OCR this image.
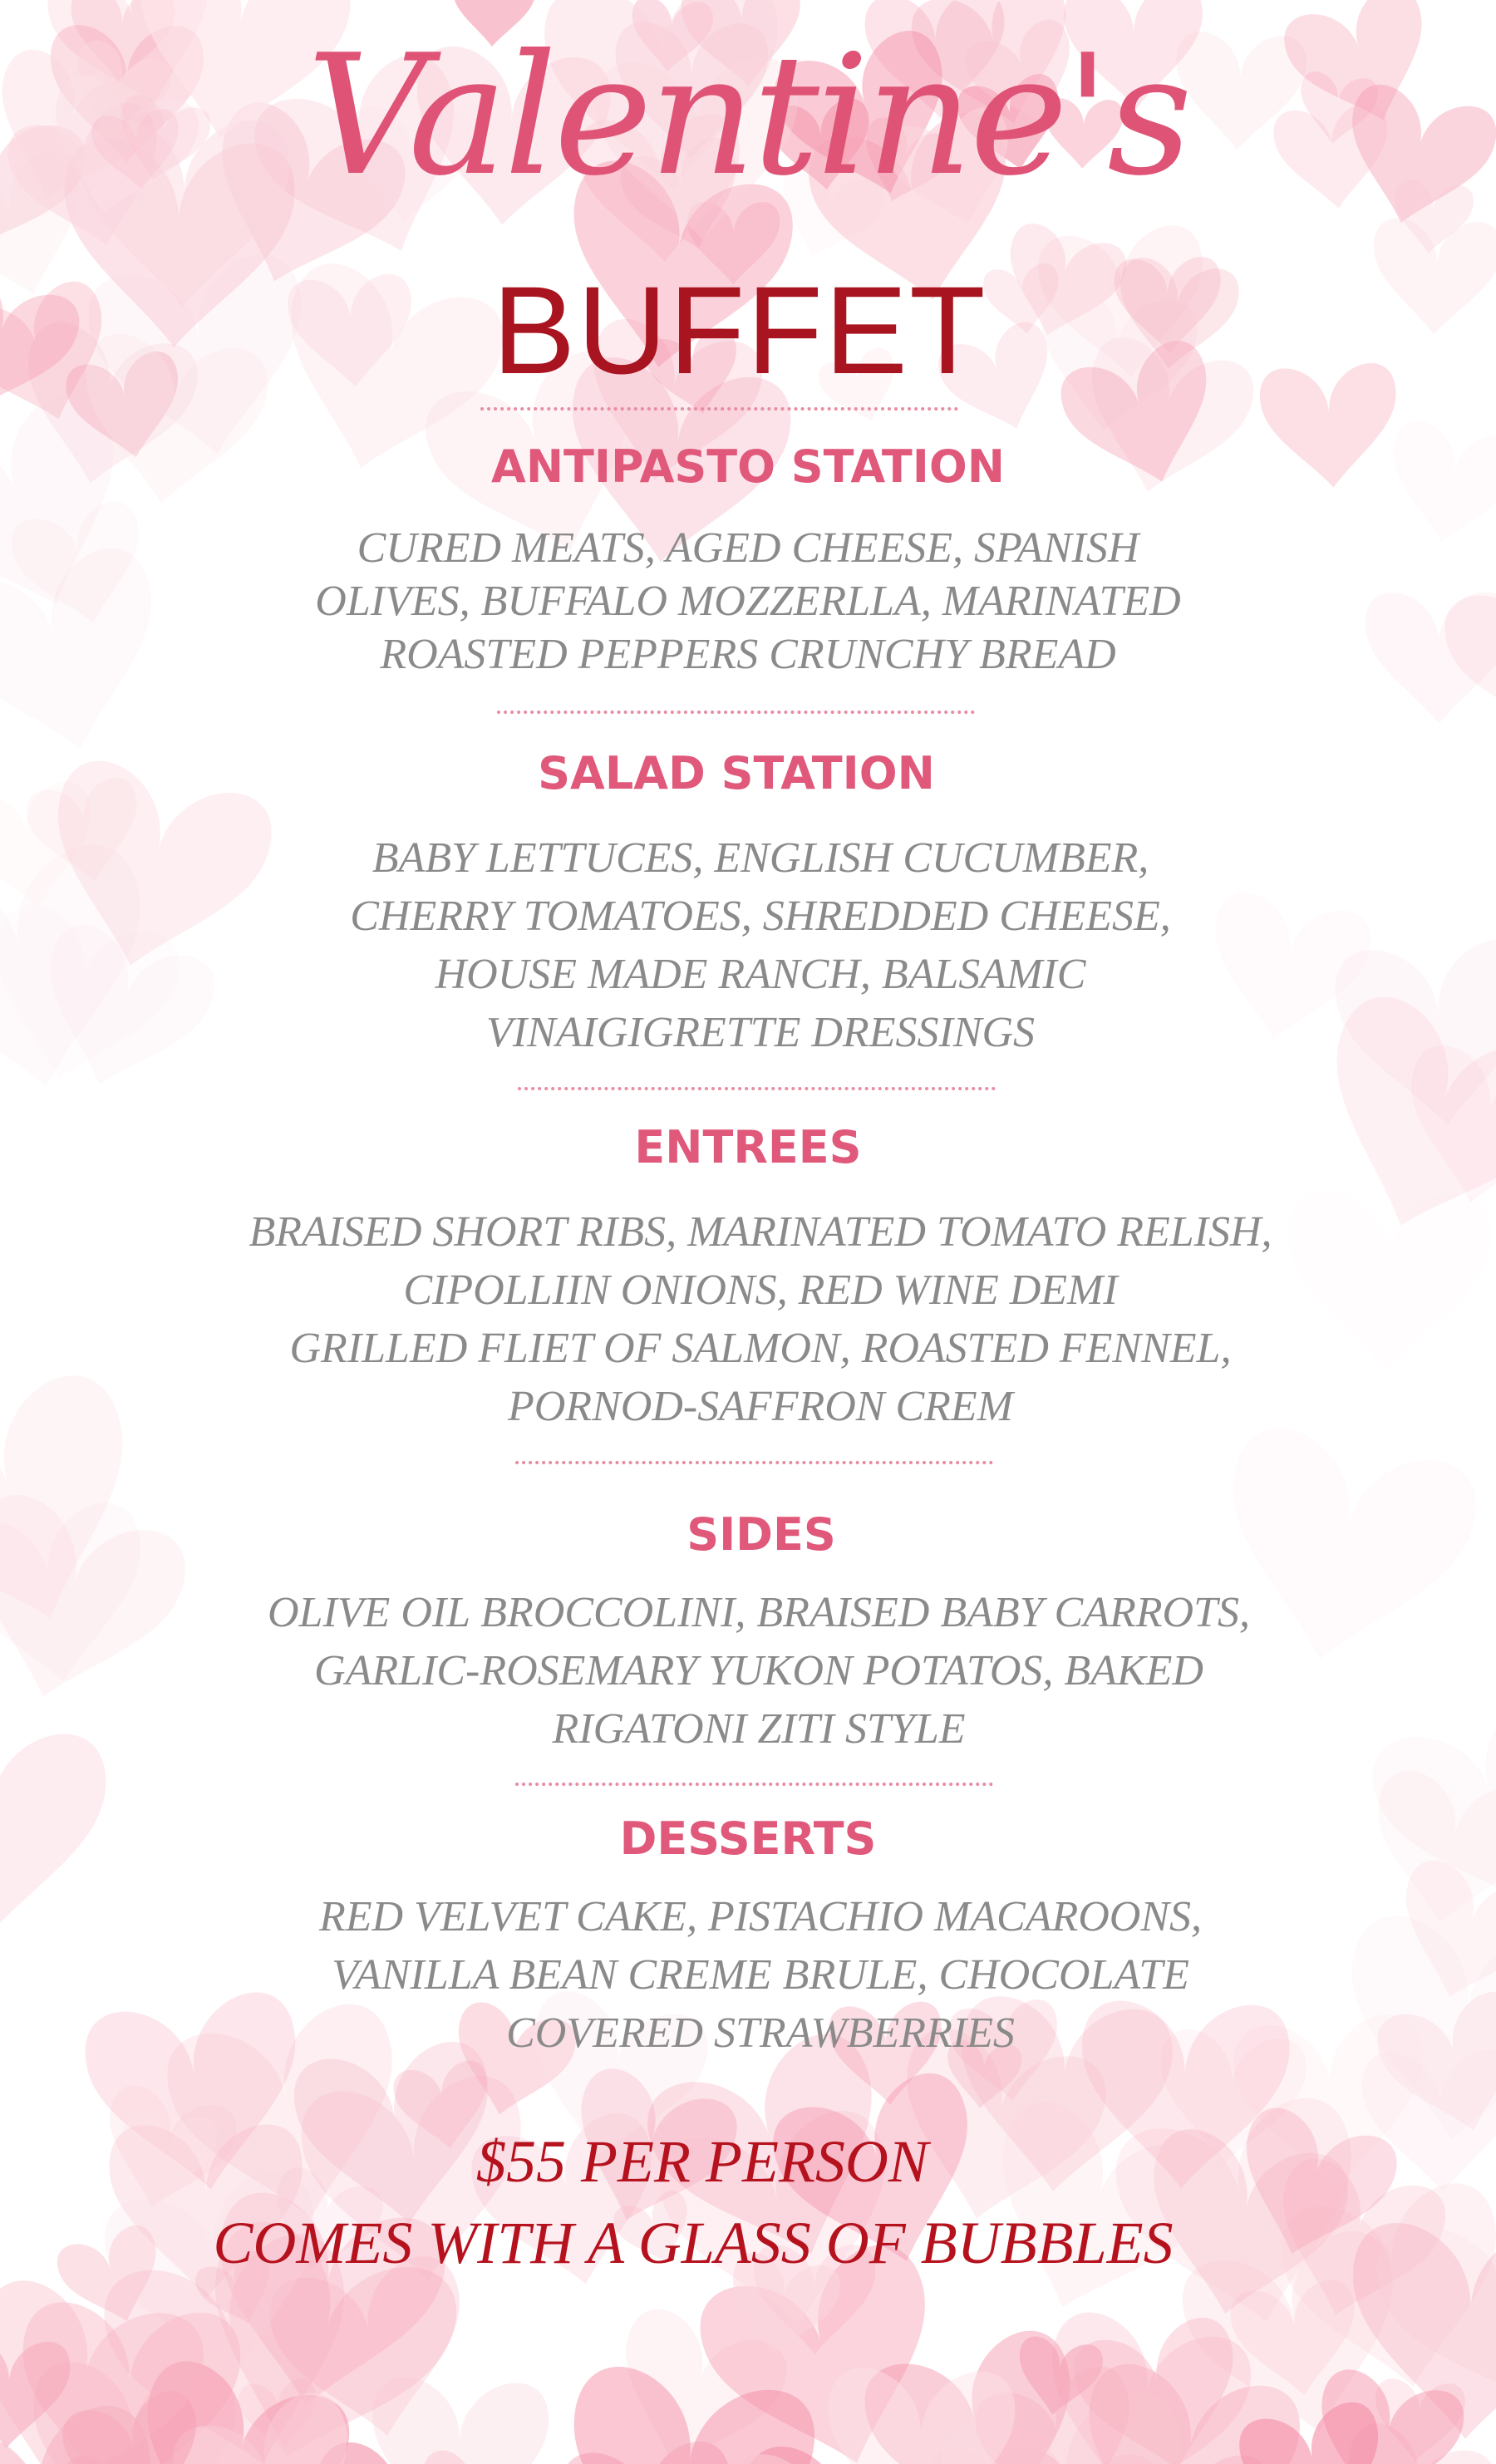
Valentine's
BUFFET
ANTIPASTO STATION
CURED MEATS, AGED CHEESE, SPANISH
OLIVES, BUFFALO MOZZERLLA, MARINATED
ROASTED PEPPERS CRUNCHY BREAD
SALAD STATION
BABY LETTUCES, ENGLISH CUCUMBER,
CHERRY TOMATOES, SHREDDED CHEESE,
HOUSE MADE RANCH, BALSAMIC
VINAIGIGRETTE DRESSINGS
ENTREES
BRAISED SHORT RIBS, MARINATED TOMATO RELISH,
CIPOLLIIN ONIONS, RED WINE DEMI
GRILLED FLIET OF SALMON, ROASTED FENNEL,
PORNOD-SAFFRON CREM
SIDES
OLIVE OIL BROCCOLINI, BRAISED BABY CARROTS,
GARLIC-ROSEMARY YUKON POTATOS, BAKED
RIGATONI ZITI STYLE
DESSERTS
RED VELVET CAKE, PISTACHIO MACAROONS,
VANILLA BEAN CREME BRULE, CHOCOLATE
COVERED STRAWBERRIES
$55 PER PERSON
COMES WITH A GLASS OF BUBBLES
